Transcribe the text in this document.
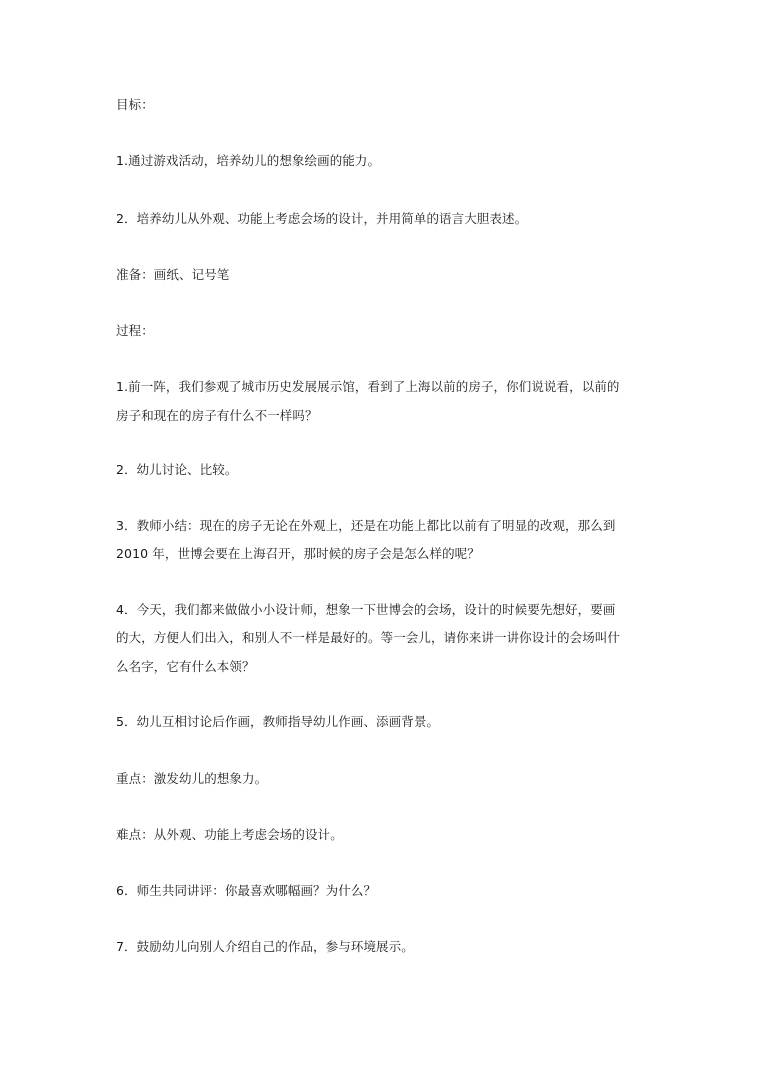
目标：
1.通过游戏活动，培养幼儿的想象绘画的能力。
2．培养幼儿从外观、功能上考虑会场的设计，并用简单的语言大胆表述。
准备：画纸、记号笔
过程：
1.前一阵，我们参观了城市历史发展展示馆，看到了上海以前的房子，你们说说看，以前的
房子和现在的房子有什么不一样吗？
2．幼儿讨论、比较。
3．教师小结：现在的房子无论在外观上，还是在功能上都比以前有了明显的改观，那么到
2010 年，世博会要在上海召开，那时候的房子会是怎么样的呢？
4．今天，我们都来做做小小设计师，想象一下世博会的会场，设计的时候要先想好，要画
的大，方便人们出入，和别人不一样是最好的。等一会儿，请你来讲一讲你设计的会场叫什
么名字，它有什么本领？
5．幼儿互相讨论后作画，教师指导幼儿作画、添画背景。
重点：激发幼儿的想象力。
难点：从外观、功能上考虑会场的设计。
6．师生共同讲评：你最喜欢哪幅画？为什么？
7．鼓励幼儿向别人介绍自己的作品，参与环境展示。
